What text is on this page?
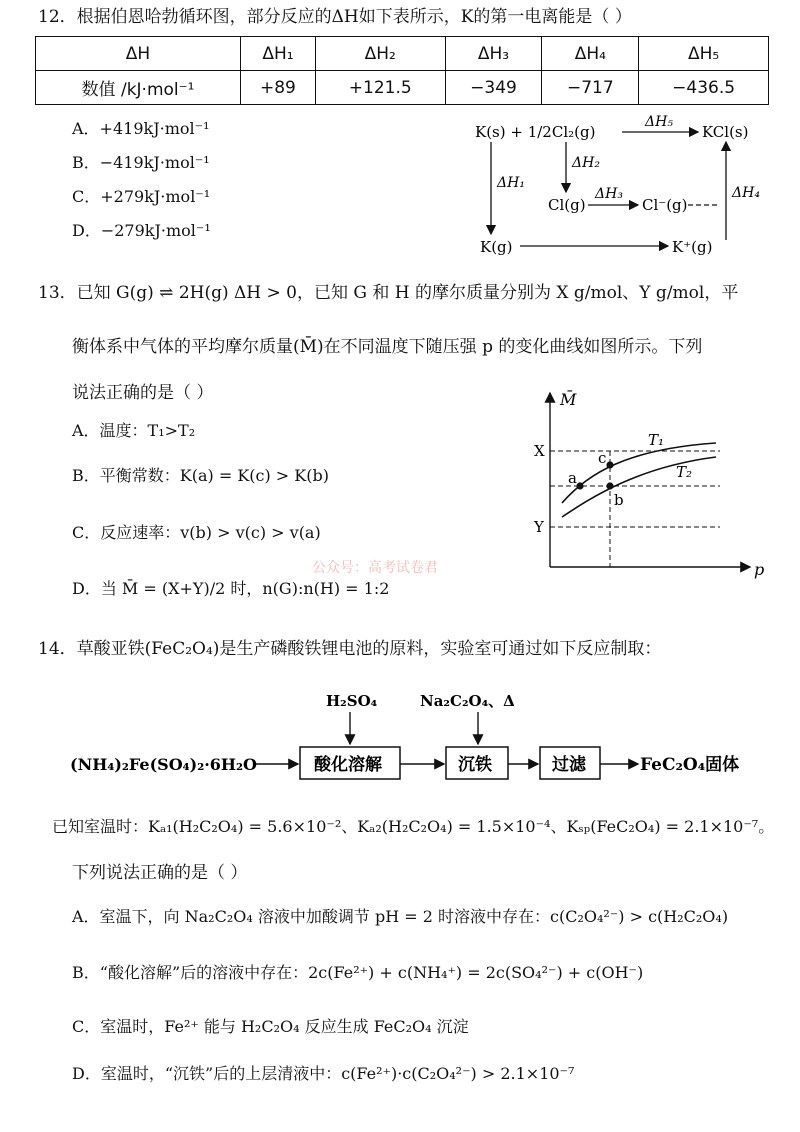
12．根据伯恩哈勃循环图，部分反应的ΔH如下表所示，K的第一电离能是（ ）
ΔH	ΔH₁	ΔH₂	ΔH₃	ΔH₄	ΔH₅
数值 /kJ·mol⁻¹	+89	+121.5	−349	−717	−436.5
A．+419kJ·mol⁻¹
B．−419kJ·mol⁻¹
C．+279kJ·mol⁻¹
D．−279kJ·mol⁻¹
K(s) + 1/2Cl₂(g)	KCl(s)
ΔH₅
ΔH₁
ΔH₂
Cl(g)
ΔH₃
Cl⁻(g)
ΔH₄
K(g)	K⁺(g)
13．已知 G(g) ⇌ 2H(g) ΔH > 0，已知 G 和 H 的摩尔质量分别为 X g/mol、Y g/mol，平
衡体系中气体的平均摩尔质量(M̄)在不同温度下随压强 p 的变化曲线如图所示。下列
说法正确的是（ ）
A．温度：T₁>T₂
B．平衡常数：K(a) = K(c) > K(b)
C．反应速率：v(b) > v(c) > v(a)
D．当 M̄ = (X+Y)/2 时，n(G):n(H) = 1:2
M̄
p
X
Y
T₁
T₂
a
b
c
公众号：高考试卷君
14．草酸亚铁(FeC₂O₄)是生产磷酸铁锂电池的原料，实验室可通过如下反应制取：
H₂SO₄	Na₂C₂O₄、Δ
(NH₄)₂Fe(SO₄)₂·6H₂O	酸化溶解	沉铁	过滤	FeC₂O₄固体
已知室温时：Kₐ₁(H₂C₂O₄) = 5.6×10⁻²、Kₐ₂(H₂C₂O₄) = 1.5×10⁻⁴、Kₛₚ(FeC₂O₄) = 2.1×10⁻⁷。
下列说法正确的是（ ）
A．室温下，向 Na₂C₂O₄ 溶液中加酸调节 pH = 2 时溶液中存在：c(C₂O₄²⁻) > c(H₂C₂O₄)
B．“酸化溶解”后的溶液中存在：2c(Fe²⁺) + c(NH₄⁺) = 2c(SO₄²⁻) + c(OH⁻)
C．室温时，Fe²⁺ 能与 H₂C₂O₄ 反应生成 FeC₂O₄ 沉淀
D．室温时，“沉铁”后的上层清液中：c(Fe²⁺)·c(C₂O₄²⁻) > 2.1×10⁻⁷
